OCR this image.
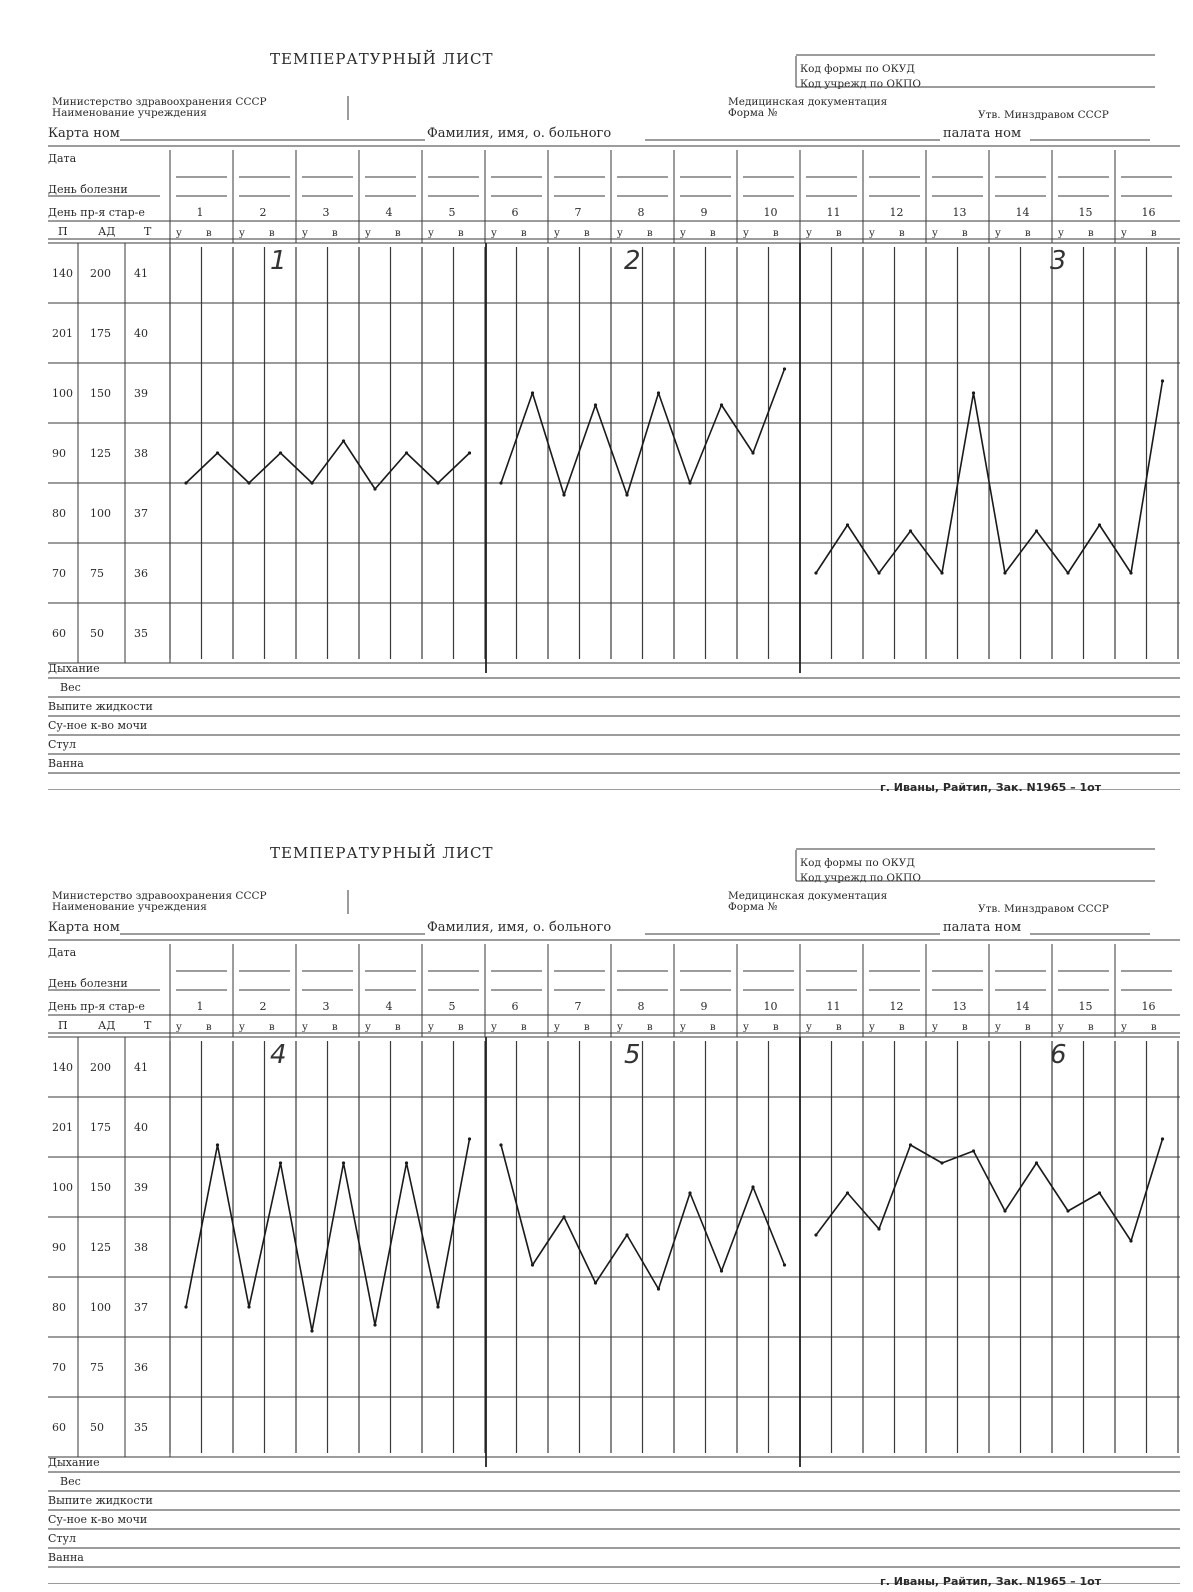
ТЕМПЕРАТУРНЫЙ ЛИСТ
Код формы по ОКУД
Код учрежд по ОКПО
Министерство здравоохранения СССР
Наименование учреждения
Медицинская документация
Форма №	Утв. Минздравом СССР
Карта ном	Фамилия, имя, о. больного	палата ном
Дата
День болезни
День пр-я стар-е	1
у в
2
у в
3
у в
4
у в
5
у в
6
у в
7
у в
8
у в
9
у в
10
у в
11
у в
12
у в
13
у в
14
у в
15
у в
16
у в
П	АД	Т
140 200 41
201 175 40
100 150 39
90 125 38
80 100 37
70 75	36
60 50	35
Дыхание
Вес
Выпите жидкости
Су-ное к-во мочи
Стул
Ванна
г. Иваны, Райтип, Зак. N1965 – 1от
1	2	3
ТЕМПЕРАТУРНЫЙ ЛИСТ
Код формы по ОКУД
Код учрежд по ОКПО
Министерство здравоохранения СССР
Наименование учреждения
Медицинская документация
Форма №	Утв. Минздравом СССР
Карта ном	Фамилия, имя, о. больного	палата ном
Дата
День болезни
День пр-я стар-е	1
у в
2
у в
3
у в
4
у в
5
у в
6
у в
7
у в
8
у в
9
у в
10
у в
11
у в
12
у в
13
у в
14
у в
15
у в
16
у в
П	АД	Т
140 200 41
201 175 40
100 150 39
90 125 38
80 100 37
70 75	36
60 50	35
Дыхание
Вес
Выпите жидкости
Су-ное к-во мочи
Стул
Ванна
г. Иваны, Райтип, Зак. N1965 – 1от
4	5	6
